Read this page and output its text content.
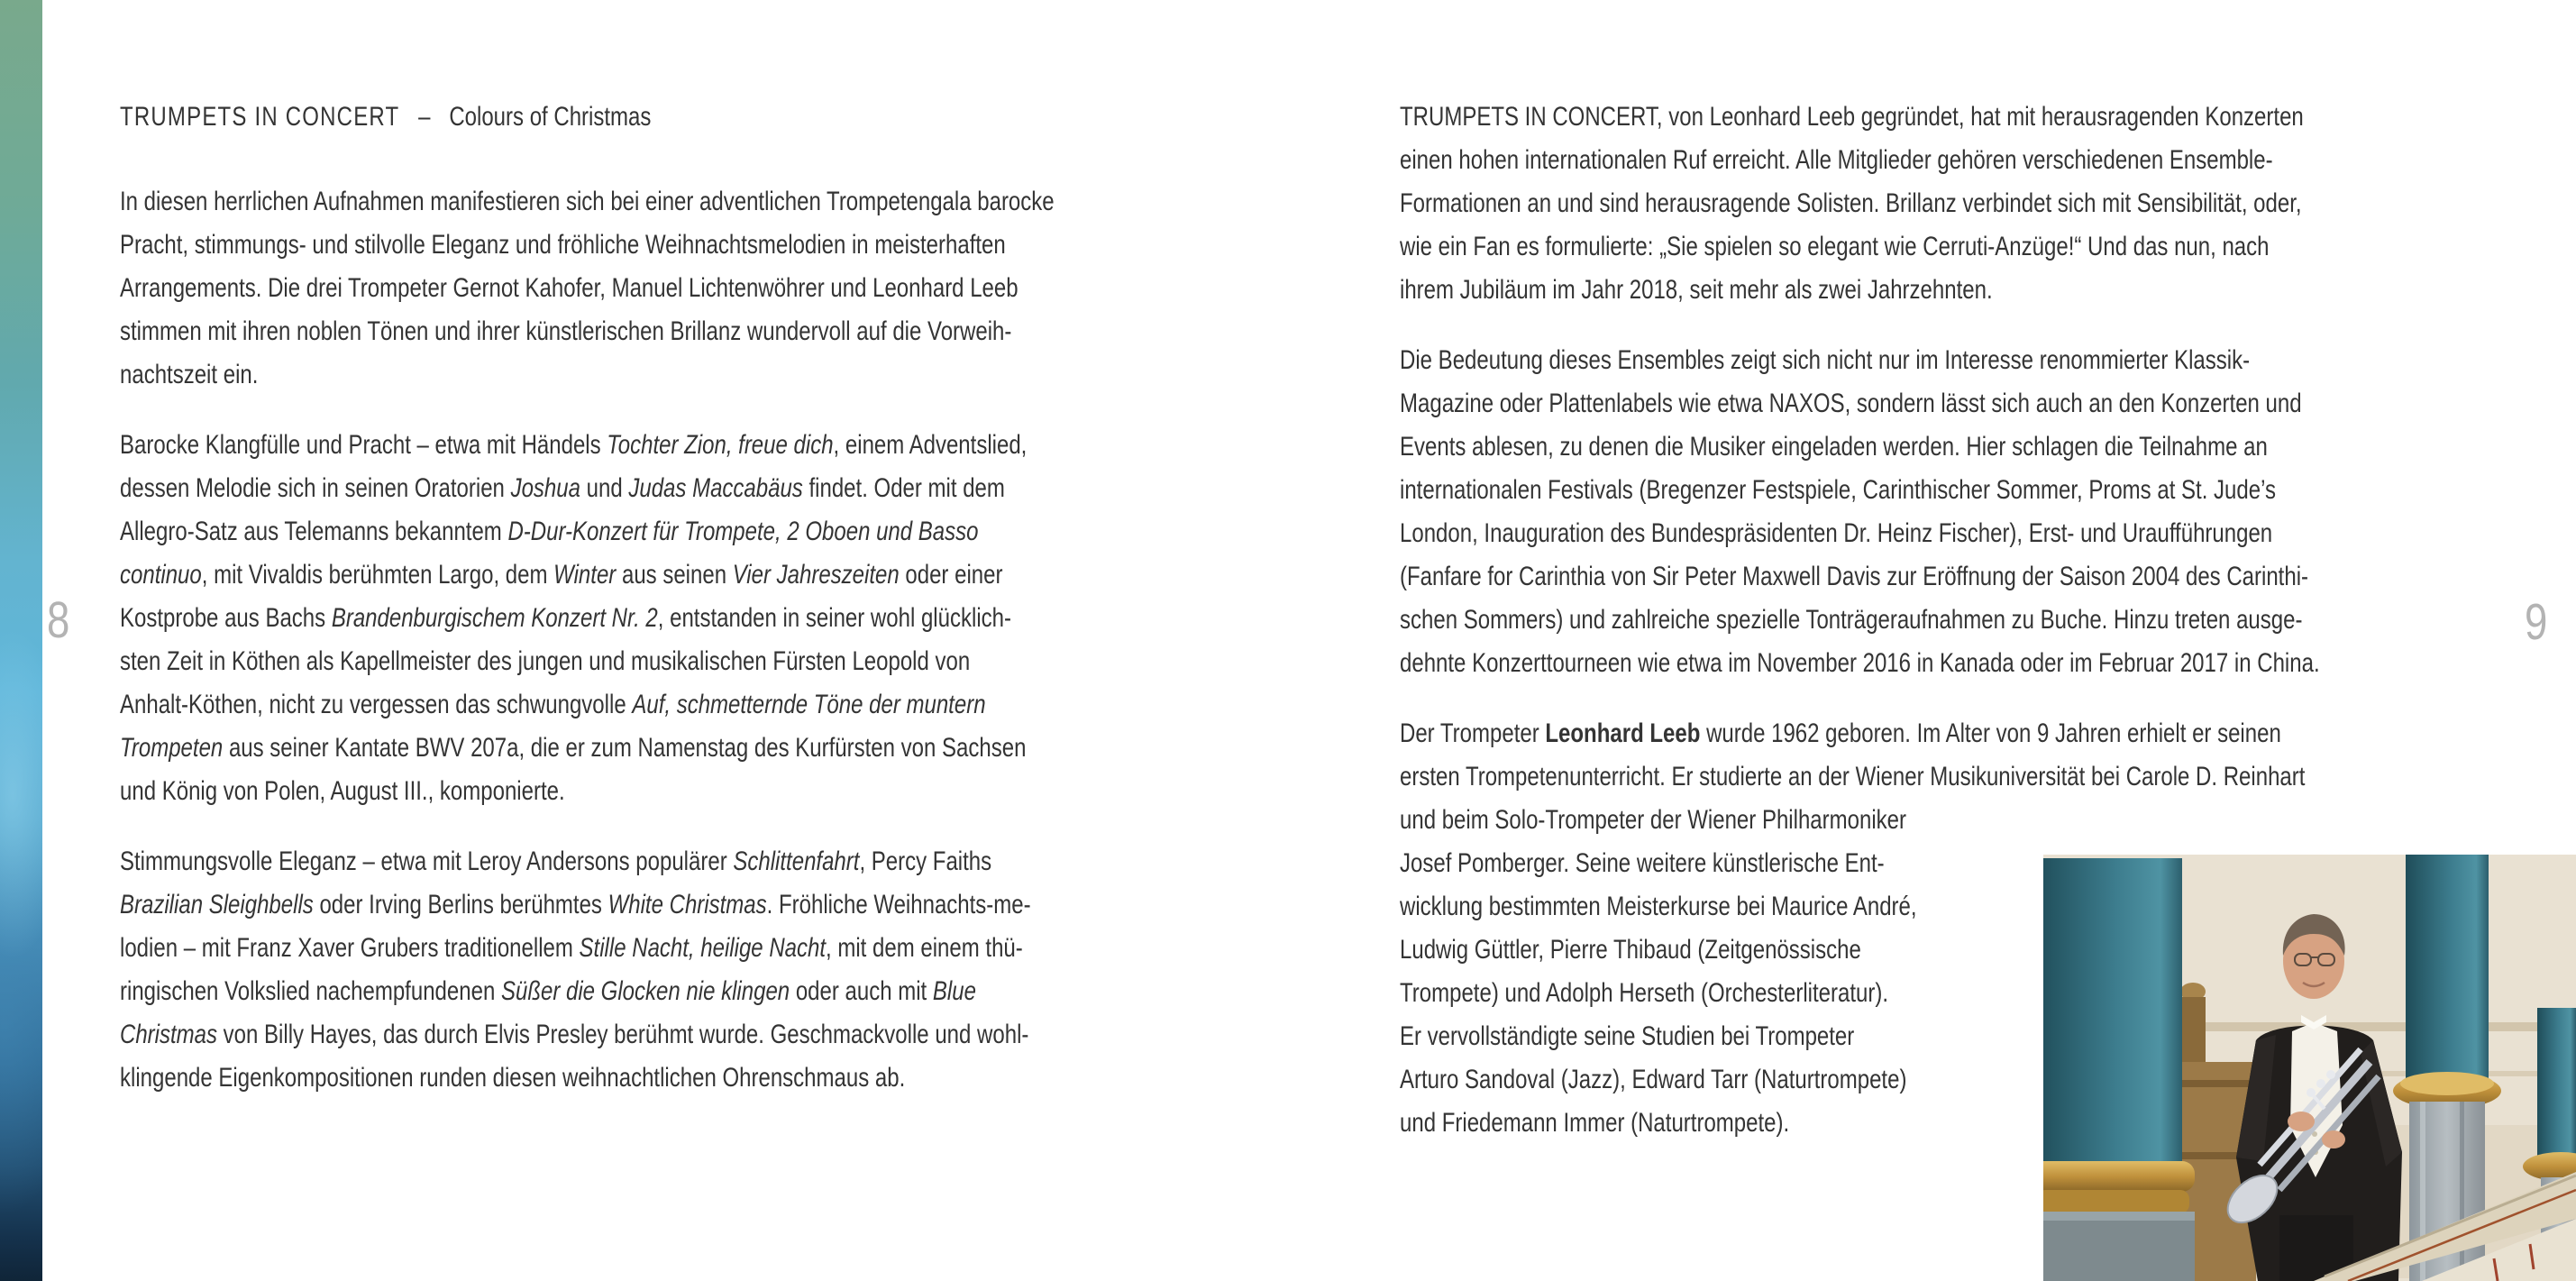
8	9
TRUMPETS IN CONCERT – Colours of Christmas
In diesen herrlichen Aufnahmen manifestieren sich bei einer adventlichen Trompetengala barocke
Pracht, stimmungs- und stilvolle Eleganz und fröhliche Weihnachtsmelodien in meisterhaften
Arrangements. Die drei Trompeter Gernot Kahofer, Manuel Lichtenwöhrer und Leonhard Leeb
stimmen mit ihren noblen Tönen und ihrer künstlerischen Brillanz wundervoll auf die Vorweih-
nachtszeit ein.
Barocke Klangfülle und Pracht – etwa mit Händels Tochter Zion, freue dich, einem Adventslied,
dessen Melodie sich in seinen Oratorien Joshua und Judas Maccabäus findet. Oder mit dem
Allegro-Satz aus Telemanns bekanntem D-Dur-Konzert für Trompete, 2 Oboen und Basso
continuo, mit Vivaldis berühmten Largo, dem Winter aus seinen Vier Jahreszeiten oder einer
Kostprobe aus Bachs Brandenburgischem Konzert Nr. 2, entstanden in seiner wohl glücklich-
sten Zeit in Köthen als Kapellmeister des jungen und musikalischen Fürsten Leopold von
Anhalt-Köthen, nicht zu vergessen das schwungvolle Auf, schmetternde Töne der muntern
Trompeten aus seiner Kantate BWV 207a, die er zum Namenstag des Kurfürsten von Sachsen
und König von Polen, August III., komponierte.
Stimmungsvolle Eleganz – etwa mit Leroy Andersons populärer Schlittenfahrt, Percy Faiths
Brazilian Sleighbells oder Irving Berlins berühmtes White Christmas. Fröhliche Weihnachts-me-
lodien – mit Franz Xaver Grubers traditionellem Stille Nacht, heilige Nacht, mit dem einem thü-
ringischen Volkslied nachempfundenen Süßer die Glocken nie klingen oder auch mit Blue
Christmas von Billy Hayes, das durch Elvis Presley berühmt wurde. Geschmackvolle und wohl-
klingende Eigenkompositionen runden diesen weihnachtlichen Ohrenschmaus ab.
TRUMPETS IN CONCERT, von Leonhard Leeb gegründet, hat mit herausragenden Konzerten
einen hohen internationalen Ruf erreicht. Alle Mitglieder gehören verschiedenen Ensemble-
Formationen an und sind herausragende Solisten. Brillanz verbindet sich mit Sensibilität, oder,
wie ein Fan es formulierte: „Sie spielen so elegant wie Cerruti-Anzüge!“ Und das nun, nach
ihrem Jubiläum im Jahr 2018, seit mehr als zwei Jahrzehnten.
Die Bedeutung dieses Ensembles zeigt sich nicht nur im Interesse renommierter Klassik-
Magazine oder Plattenlabels wie etwa NAXOS, sondern lässt sich auch an den Konzerten und
Events ablesen, zu denen die Musiker eingeladen werden. Hier schlagen die Teilnahme an
internationalen Festivals (Bregenzer Festspiele, Carinthischer Sommer, Proms at St. Jude’s
London, Inauguration des Bundespräsidenten Dr. Heinz Fischer), Erst- und Uraufführungen
(Fanfare for Carinthia von Sir Peter Maxwell Davis zur Eröffnung der Saison 2004 des Carinthi-
schen Sommers) und zahlreiche spezielle Tonträgeraufnahmen zu Buche. Hinzu treten ausge-
dehnte Konzerttourneen wie etwa im November 2016 in Kanada oder im Februar 2017 in China.
Der Trompeter Leonhard Leeb wurde 1962 geboren. Im Alter von 9 Jahren erhielt er seinen
ersten Trompetenunterricht. Er studierte an der Wiener Musikuniversität bei Carole D. Reinhart
und beim Solo-Trompeter der Wiener Philharmoniker
Josef Pomberger. Seine weitere künstlerische Ent-
wicklung bestimmten Meisterkurse bei Maurice André,
Ludwig Güttler, Pierre Thibaud (Zeitgenössische
Trompete) und Adolph Herseth (Orchesterliteratur).
Er vervollständigte seine Studien bei Trompeter
Arturo Sandoval (Jazz), Edward Tarr (Naturtrompete)
und Friedemann Immer (Naturtrompete).
